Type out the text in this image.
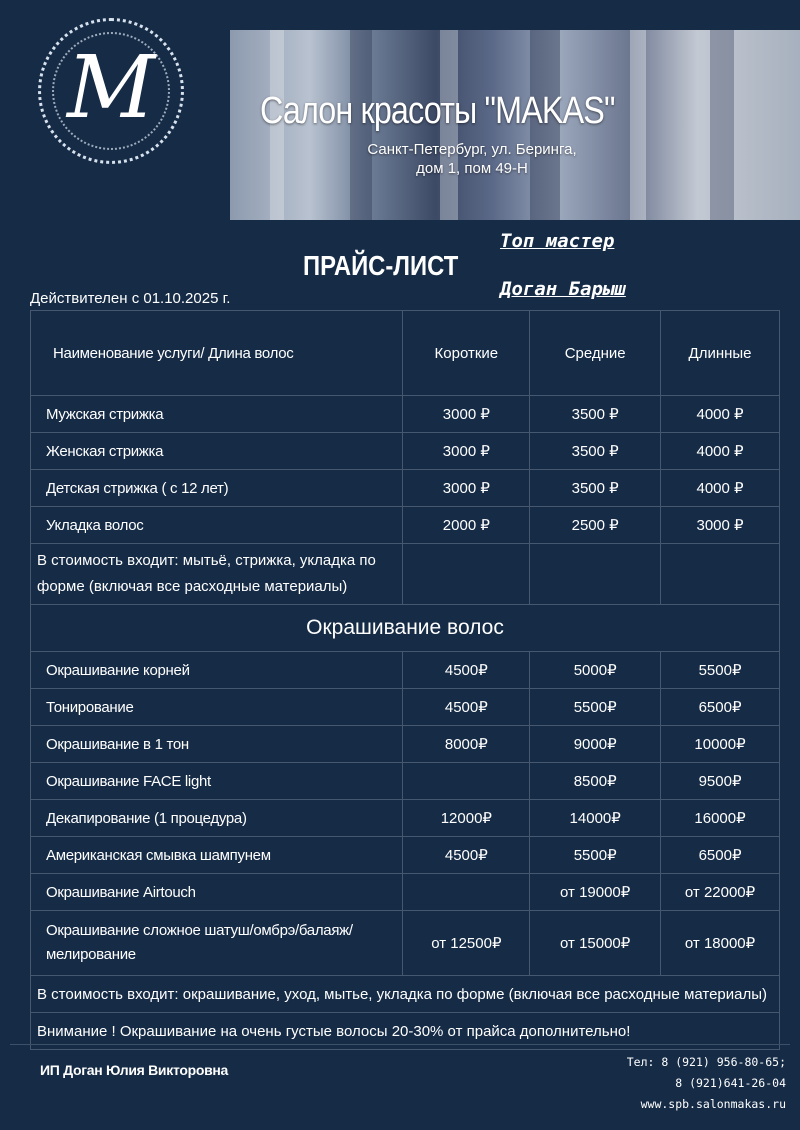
M	Салон красоты "MAKAS"
Санкт-Петербург, ул. Беринга, дом 1, пом 49-Н
ПРАЙС-ЛИСТ
Действителен с 01.10.2025 г.
Топ мастер
Доган Барыш
Наименование услуги/ Длина волос	Короткие	Средние	Длинные
Мужская стрижка	3000 ₽	3500 ₽	4000 ₽
Женская стрижка	3000 ₽	3500 ₽	4000 ₽
Детская стрижка ( с 12 лет)	3000 ₽	3500 ₽	4000 ₽
Укладка волос	2000 ₽	2500 ₽	3000 ₽
В стоимость входит: мытьё, стрижка, укладка по форме (включая все расходные материалы)			
Окрашивание волос			
Окрашивание корней	4500₽	5000₽	5500₽
Тонирование	4500₽	5500₽	6500₽
Окрашивание в 1 тон	8000₽	9000₽	10000₽
Окрашивание FACE light		8500₽	9500₽
Декапирование (1 процедура)	12000₽	14000₽	16000₽
Американская смывка шампунем	4500₽	5500₽	6500₽
Окрашивание Airtouch		от 19000₽	от 22000₽
Окрашивание сложное шатуш/омбрэ/балаяж/ мелирование	от 12500₽	от 15000₽	от 18000₽
В стоимость входит: окрашивание, уход, мытье, укладка по форме (включая все расходные материалы)			
Внимание ! Окрашивание на очень густые волосы 20-30% от прайса дополнительно!			
ИП Доган Юлия Викторовна	Тел: 8 (921) 956-80-65;
8 (921)641-26-04
www.spb.salonmakas.ru
